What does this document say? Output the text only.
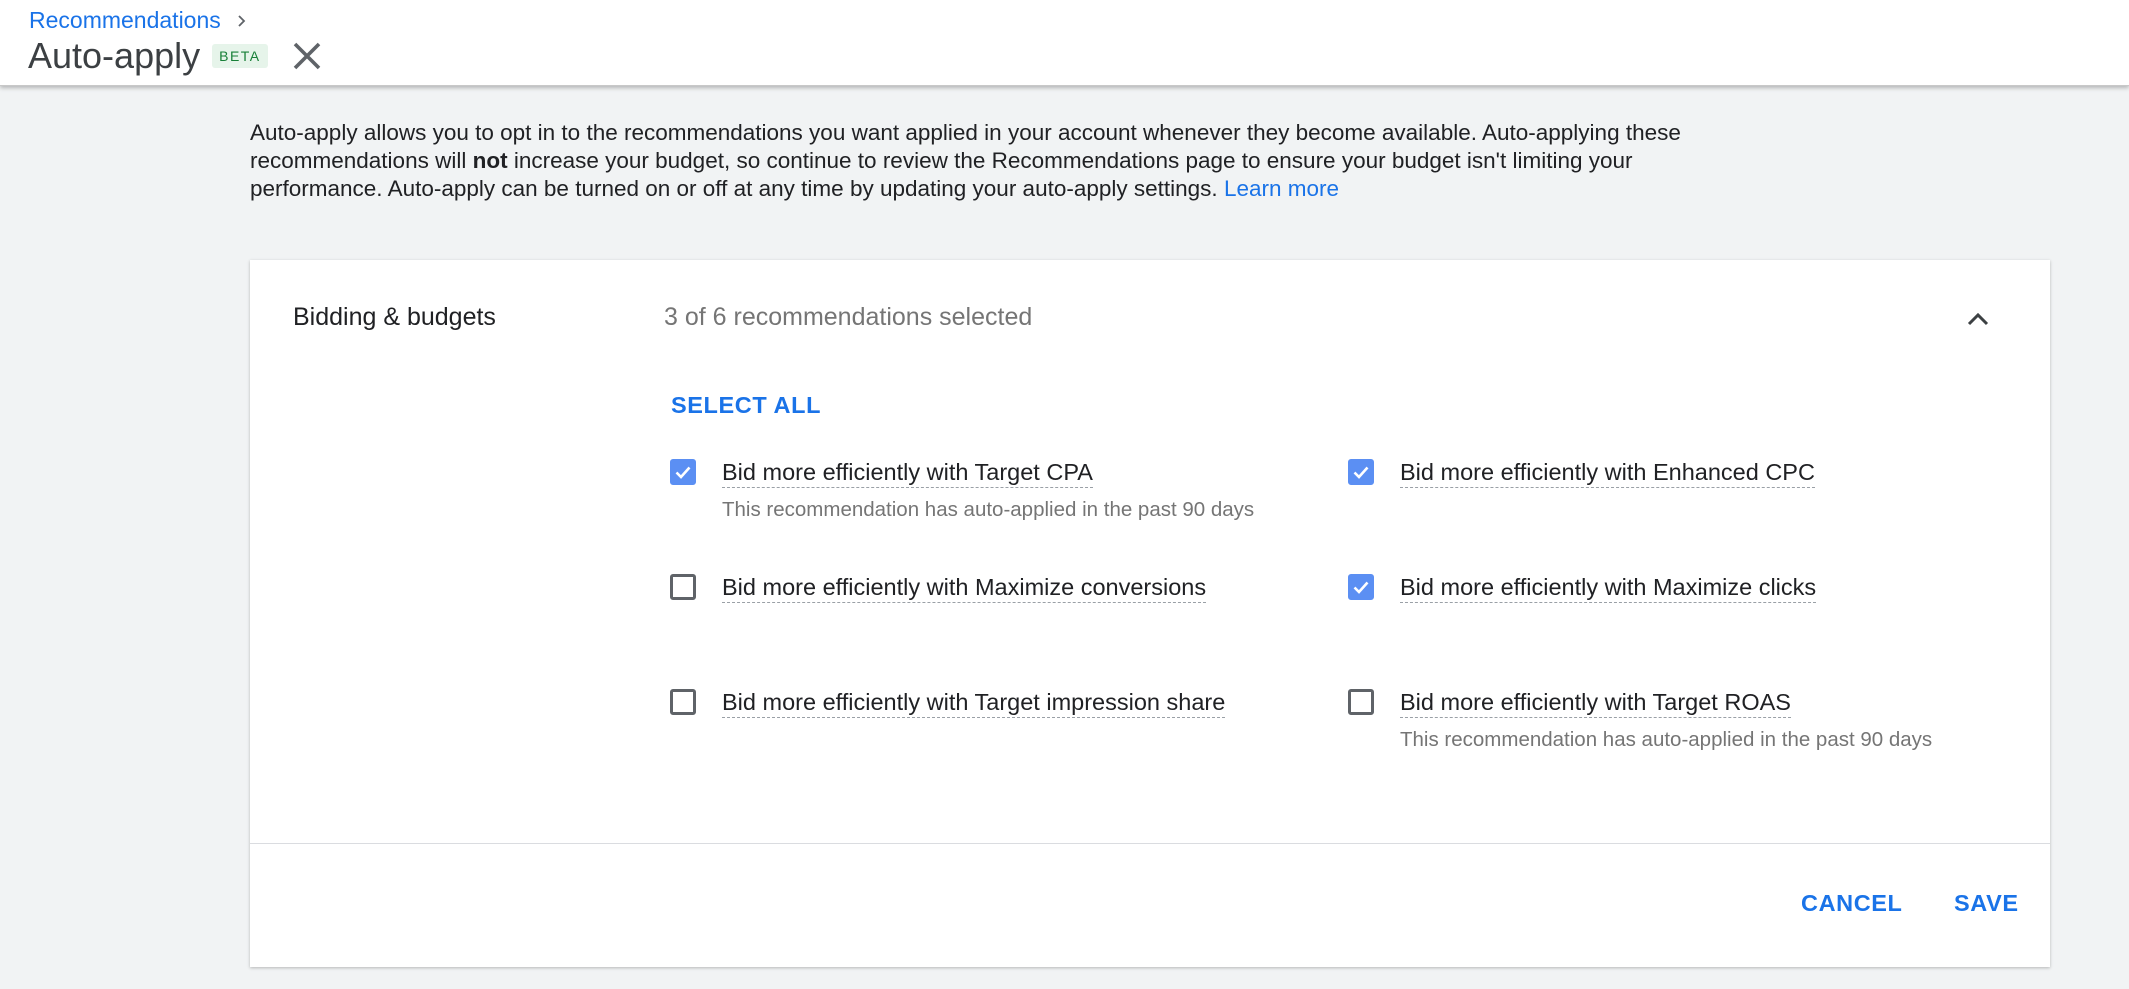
Recommendations
Auto-apply	BETA
Auto-apply allows you to opt in to the recommendations you want applied in your account whenever they become available. Auto-applying these recommendations will not increase your budget, so continue to review the Recommendations page to ensure your budget isn't limiting your performance. Auto-apply can be turned on or off at any time by updating your auto-apply settings. Learn more
Bidding & budgets	3 of 6 recommendations selected
SELECT ALL
Bid more efficiently with Target CPA
This recommendation has auto-applied in the past 90 days
Bid more efficiently with Enhanced CPC
Bid more efficiently with Maximize conversions	Bid more efficiently with Maximize clicks
Bid more efficiently with Target impression share	Bid more efficiently with Target ROAS
This recommendation has auto-applied in the past 90 days
CANCEL SAVE
